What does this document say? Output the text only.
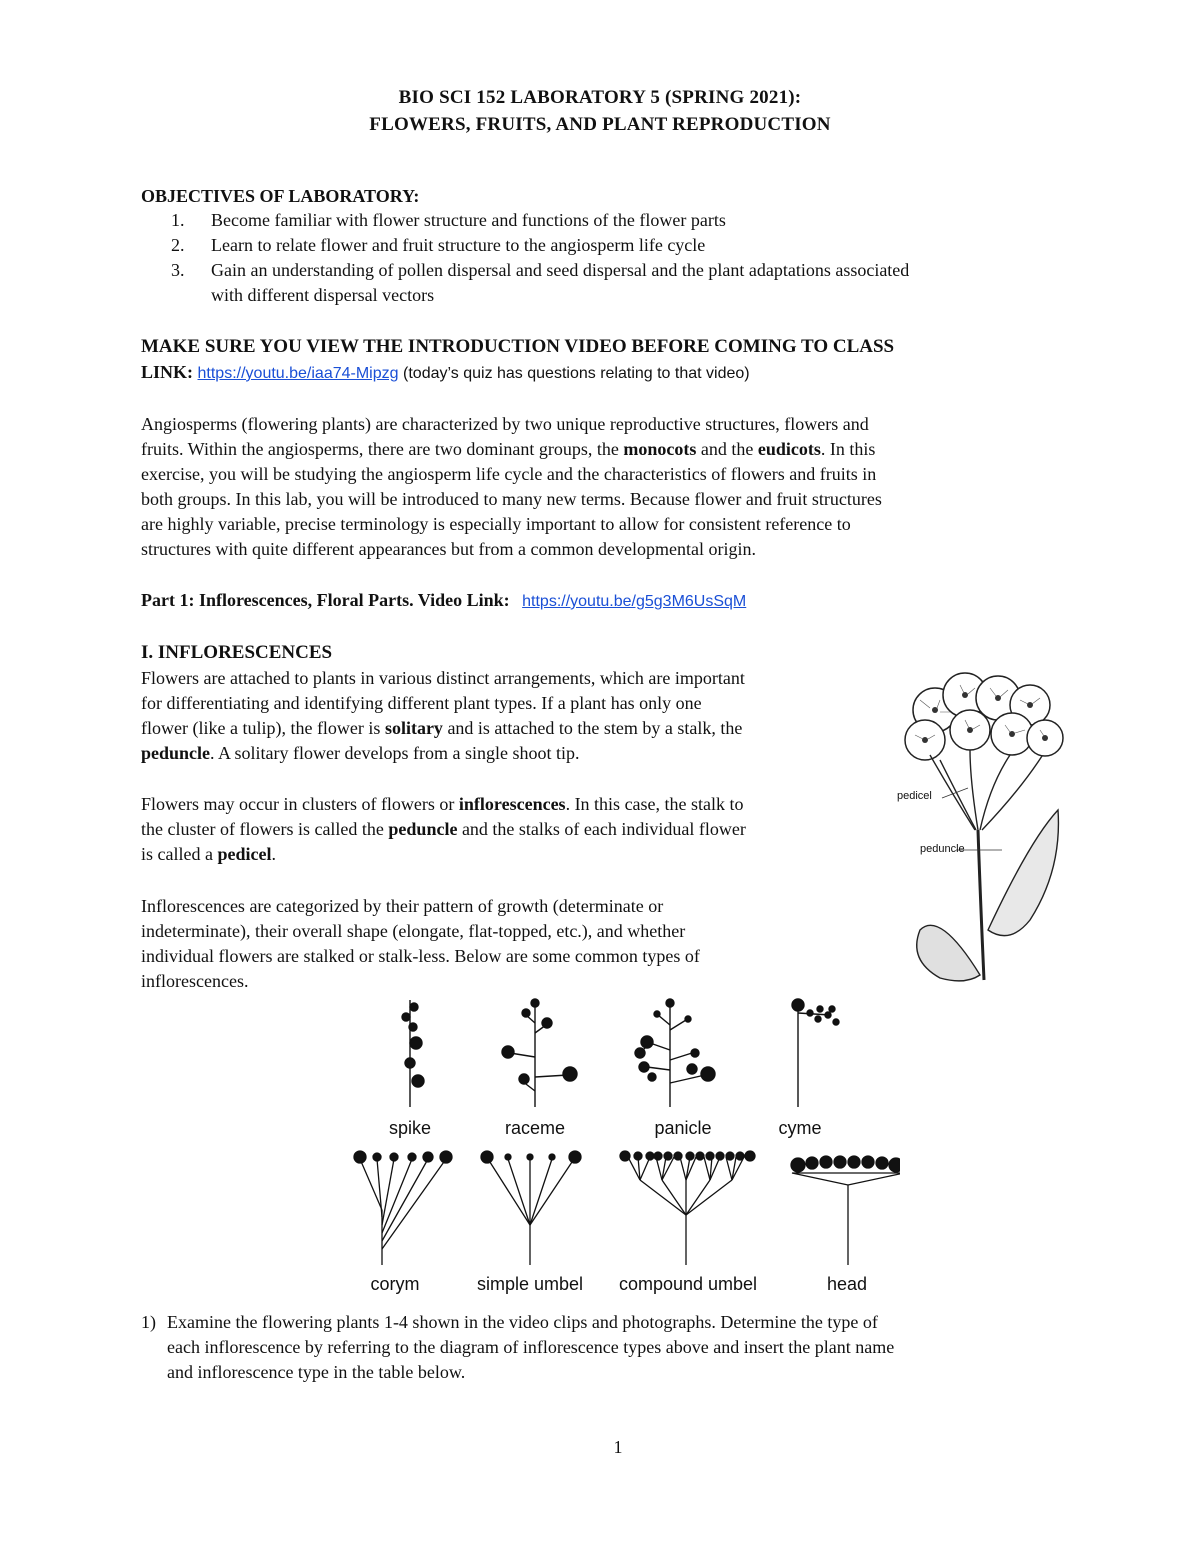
BIO SCI 152 LABORATORY 5 (SPRING 2021):
FLOWERS, FRUITS, AND PLANT REPRODUCTION
OBJECTIVES OF LABORATORY:
1. Become familiar with flower structure and functions of the flower parts
2. Learn to relate flower and fruit structure to the angiosperm life cycle
3. Gain an understanding of pollen dispersal and seed dispersal and the plant adaptations associated
with different dispersal vectors
MAKE SURE YOU VIEW THE INTRODUCTION VIDEO BEFORE COMING TO CLASS
LINK: https://youtu.be/iaa74-Mipzg (today’s quiz has questions relating to that video)
Angiosperms (flowering plants) are characterized by two unique reproductive structures, flowers and
fruits. Within the angiosperms, there are two dominant groups, the monocots and the eudicots. In this
exercise, you will be studying the angiosperm life cycle and the characteristics of flowers and fruits in
both groups. In this lab, you will be introduced to many new terms. Because flower and fruit structures
are highly variable, precise terminology is especially important to allow for consistent reference to
structures with quite different appearances but from a common developmental origin.
Part 1: Inflorescences, Floral Parts. Video Link: https://youtu.be/g5g3M6UsSqM
I. INFLORESCENCES
Flowers are attached to plants in various distinct arrangements, which are important
for differentiating and identifying different plant types. If a plant has only one
flower (like a tulip), the flower is solitary and is attached to the stem by a stalk, the
peduncle. A solitary flower develops from a single shoot tip.
Flowers may occur in clusters of flowers or inflorescences. In this case, the stalk to
the cluster of flowers is called the peduncle and the stalks of each individual flower
is called a pedicel.
Inflorescences are categorized by their pattern of growth (determinate or
indeterminate), their overall shape (elongate, flat-topped, etc.), and whether
individual flowers are stalked or stalk-less. Below are some common types of
inflorescences.
pedicel
peduncle
spike	raceme	panicle	cyme
corym	simple umbel	compound umbel	head
1) Examine the flowering plants 1-4 shown in the video clips and photographs. Determine the type of
each inflorescence by referring to the diagram of inflorescence types above and insert the plant name
and inflorescence type in the table below.
1
